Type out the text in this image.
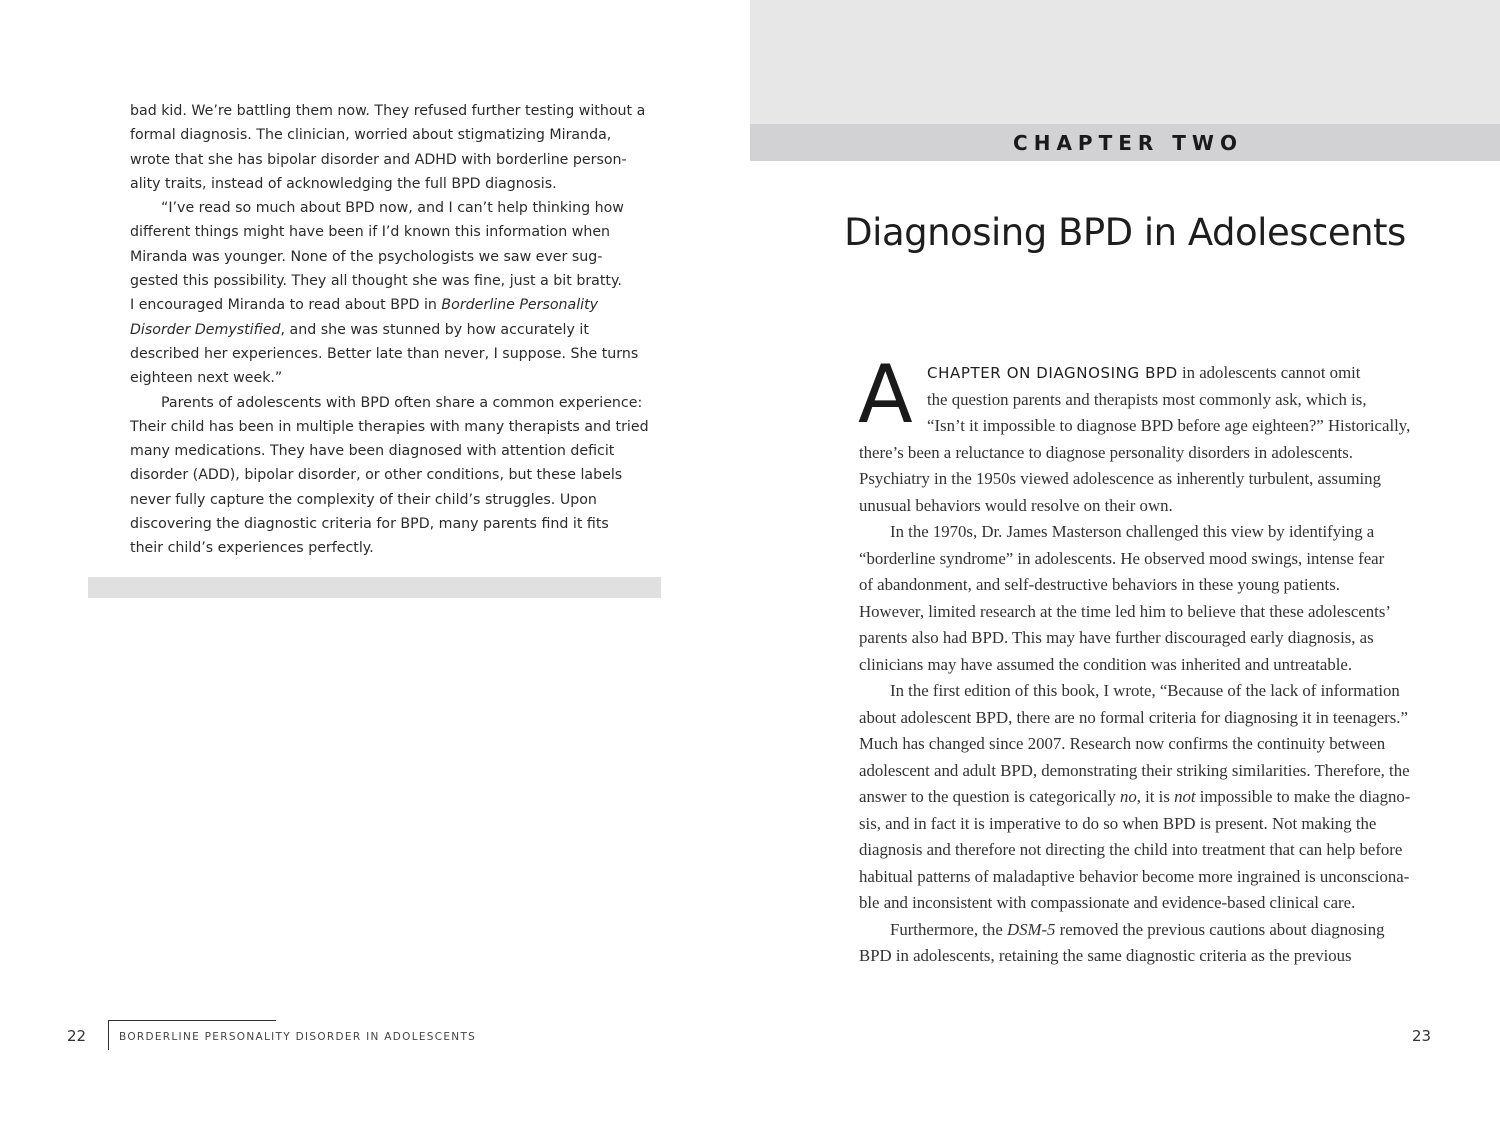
bad kid. We’re battling them now. They refused further testing without a
formal diagnosis. The clinician, worried about stigmatizing Miranda,
wrote that she has bipolar disorder and ADHD with borderline person-
ality traits, instead of acknowledging the full BPD diagnosis.

“I’ve read so much about BPD now, and I can’t help thinking how
different things might have been if I’d known this information when
Miranda was younger. None of the psychologists we saw ever sug-
gested this possibility. They all thought she was fine, just a bit bratty.

I encouraged Miranda to read about BPD in Borderline Personality
Disorder Demystified, and she was stunned by how accurately it
described her experiences. Better late than never, I suppose. She turns
eighteen next week.”

Parents of adolescents with BPD often share a common experience:
Their child has been in multiple therapies with many therapists and tried
many medications. They have been diagnosed with attention deficit
disorder (ADD), bipolar disorder, or other conditions, but these labels
never fully capture the complexity of their child’s struggles. Upon
discovering the diagnostic criteria for BPD, many parents find it fits
their child’s experiences perfectly.

22	BORDERLINE PERSONALITY DISORDER IN ADOLESCENTS
CHAPTER TWO
Diagnosing BPD in Adolescents
A CHAPTER ON DIAGNOSING BPD in adolescents cannot omit
the question parents and therapists most commonly ask, which is,
“Isn’t it impossible to diagnose BPD before age eighteen?” Historically,
there’s been a reluctance to diagnose personality disorders in adolescents.
Psychiatry in the 1950s viewed adolescence as inherently turbulent, assuming
unusual behaviors would resolve on their own.
In the 1970s, Dr. James Masterson challenged this view by identifying a
“borderline syndrome” in adolescents. He observed mood swings, intense fear
of abandonment, and self-destructive behaviors in these young patients.
However, limited research at the time led him to believe that these adolescents’
parents also had BPD. This may have further discouraged early diagnosis, as
clinicians may have assumed the condition was inherited and untreatable.
In the first edition of this book, I wrote, “Because of the lack of information
about adolescent BPD, there are no formal criteria for diagnosing it in teenagers.”
Much has changed since 2007. Research now confirms the continuity between
adolescent and adult BPD, demonstrating their striking similarities. Therefore, the
answer to the question is categorically no, it is not impossible to make the diagno-
sis, and in fact it is imperative to do so when BPD is present. Not making the
diagnosis and therefore not directing the child into treatment that can help before
habitual patterns of maladaptive behavior become more ingrained is unconsciona-
ble and inconsistent with compassionate and evidence-based clinical care.
Furthermore, the DSM-5 removed the previous cautions about diagnosing
BPD in adolescents, retaining the same diagnostic criteria as the previous
23
